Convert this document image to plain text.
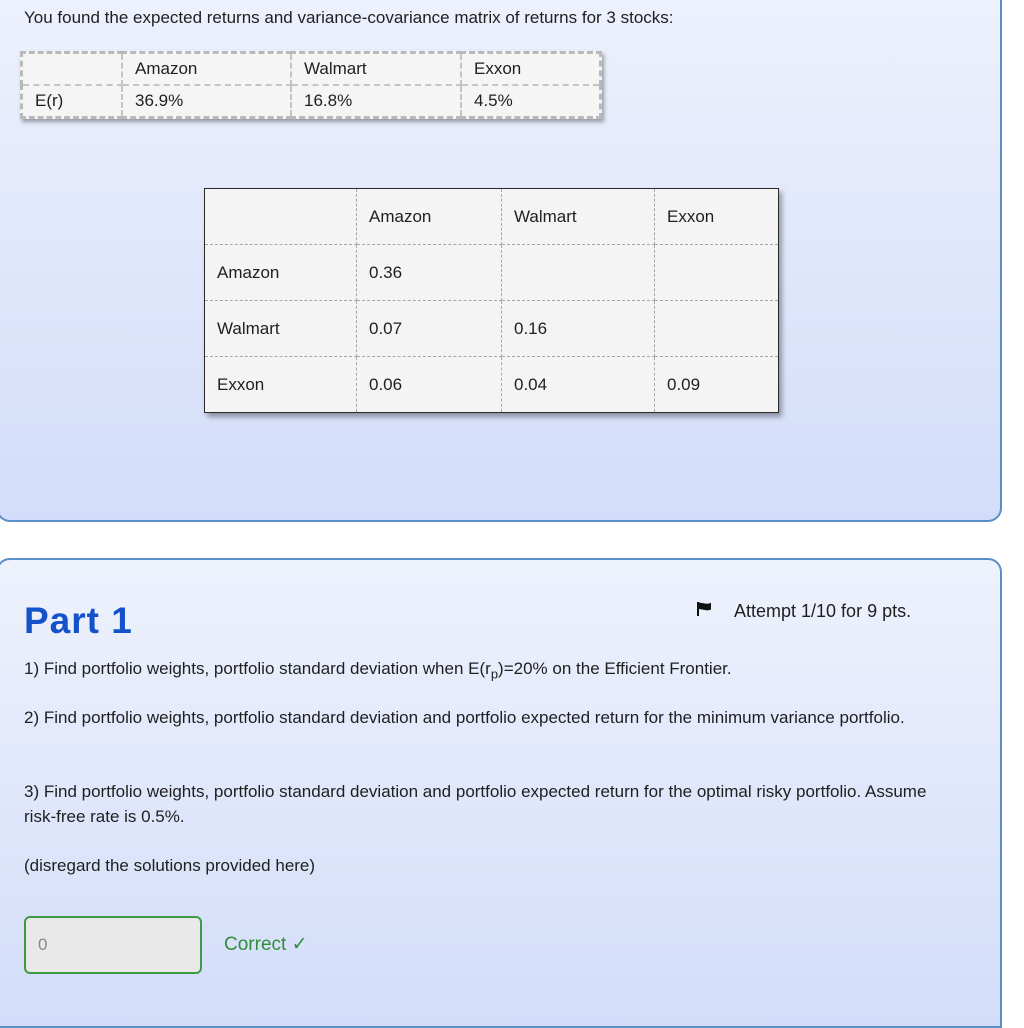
You found the expected returns and variance-covariance matrix of returns for 3 stocks:
	Amazon	Walmart	Exxon
E(r)	36.9%	16.8%	4.5%
	Amazon	Walmart	Exxon
Amazon	0.36		
Walmart	0.07	0.16	
Exxon	0.06	0.04	0.09
Part 1	Attempt 1/10 for 9 pts.
1) Find portfolio weights, portfolio standard deviation when $E(r_p)=20\%$ on the Efficient Frontier.
2) Find portfolio weights, portfolio standard deviation and portfolio expected return for the minimum variance portfolio.
3) Find portfolio weights, portfolio standard deviation and portfolio expected return for the optimal risky portfolio. Assume risk-free rate is 0.5%.
(disregard the solutions provided here)
0
Correct ✓
